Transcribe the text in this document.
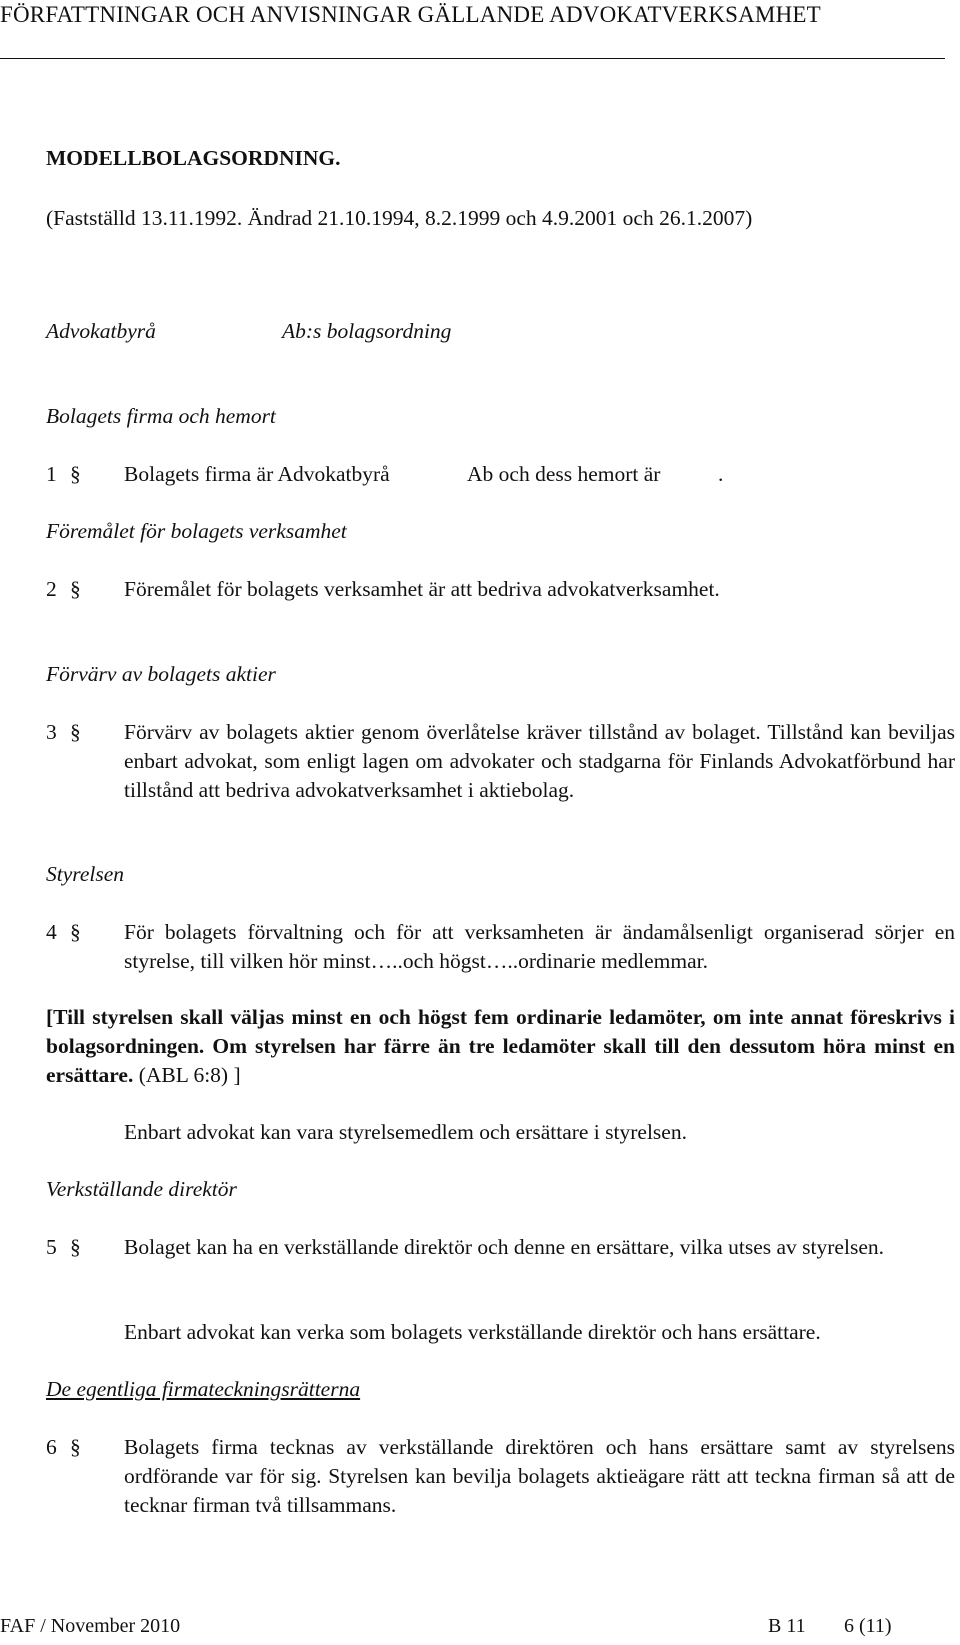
FÖRFATTNINGAR OCH ANVISNINGAR GÄLLANDE ADVOKATVERKSAMHET
MODELLBOLAGSORDNING.
(Fastställd 13.11.1992. Ändrad 21.10.1994, 8.2.1999 och 4.9.2001 och 26.1.2007)
Advokatbyrå	Ab:s bolagsordning
Bolagets firma och hemort
1 § Bolagets firma är Advokatbyrå	Ab och dess hemort är	.
Föremålet för bolagets verksamhet
2 § Föremålet för bolagets verksamhet är att bedriva advokatverksamhet.
Förvärv av bolagets aktier
3 § Förvärv av bolagets aktier genom överlåtelse kräver tillstånd av bolaget. Tillstånd kan beviljas enbart advokat, som enligt lagen om advokater och stadgarna för Finlands Advokatförbund har tillstånd att bedriva advokatverksamhet i aktiebolag.
Styrelsen
4 § För bolagets förvaltning och för att verksamheten är ändamålsenligt organiserad sörjer en styrelse, till vilken hör minst…..och högst…..ordinarie medlemmar.
[Till styrelsen skall väljas minst en och högst fem ordinarie ledamöter, om inte annat föreskrivs i bolagsordningen. Om styrelsen har färre än tre ledamöter skall till den dessutom höra minst en ersättare. (ABL 6:8) ]
Enbart advokat kan vara styrelsemedlem och ersättare i styrelsen.
Verkställande direktör
5 § Bolaget kan ha en verkställande direktör och denne en ersättare, vilka utses av styrelsen.
Enbart advokat kan verka som bolagets verkställande direktör och hans ersättare.
De egentliga firmateckningsrätterna
6 § Bolagets firma tecknas av verkställande direktören och hans ersättare samt av styrelsens ordförande var för sig. Styrelsen kan bevilja bolagets aktieägare rätt att teckna firman så att de tecknar firman två tillsammans.
FAF / November 2010	B 11 6 (11)
